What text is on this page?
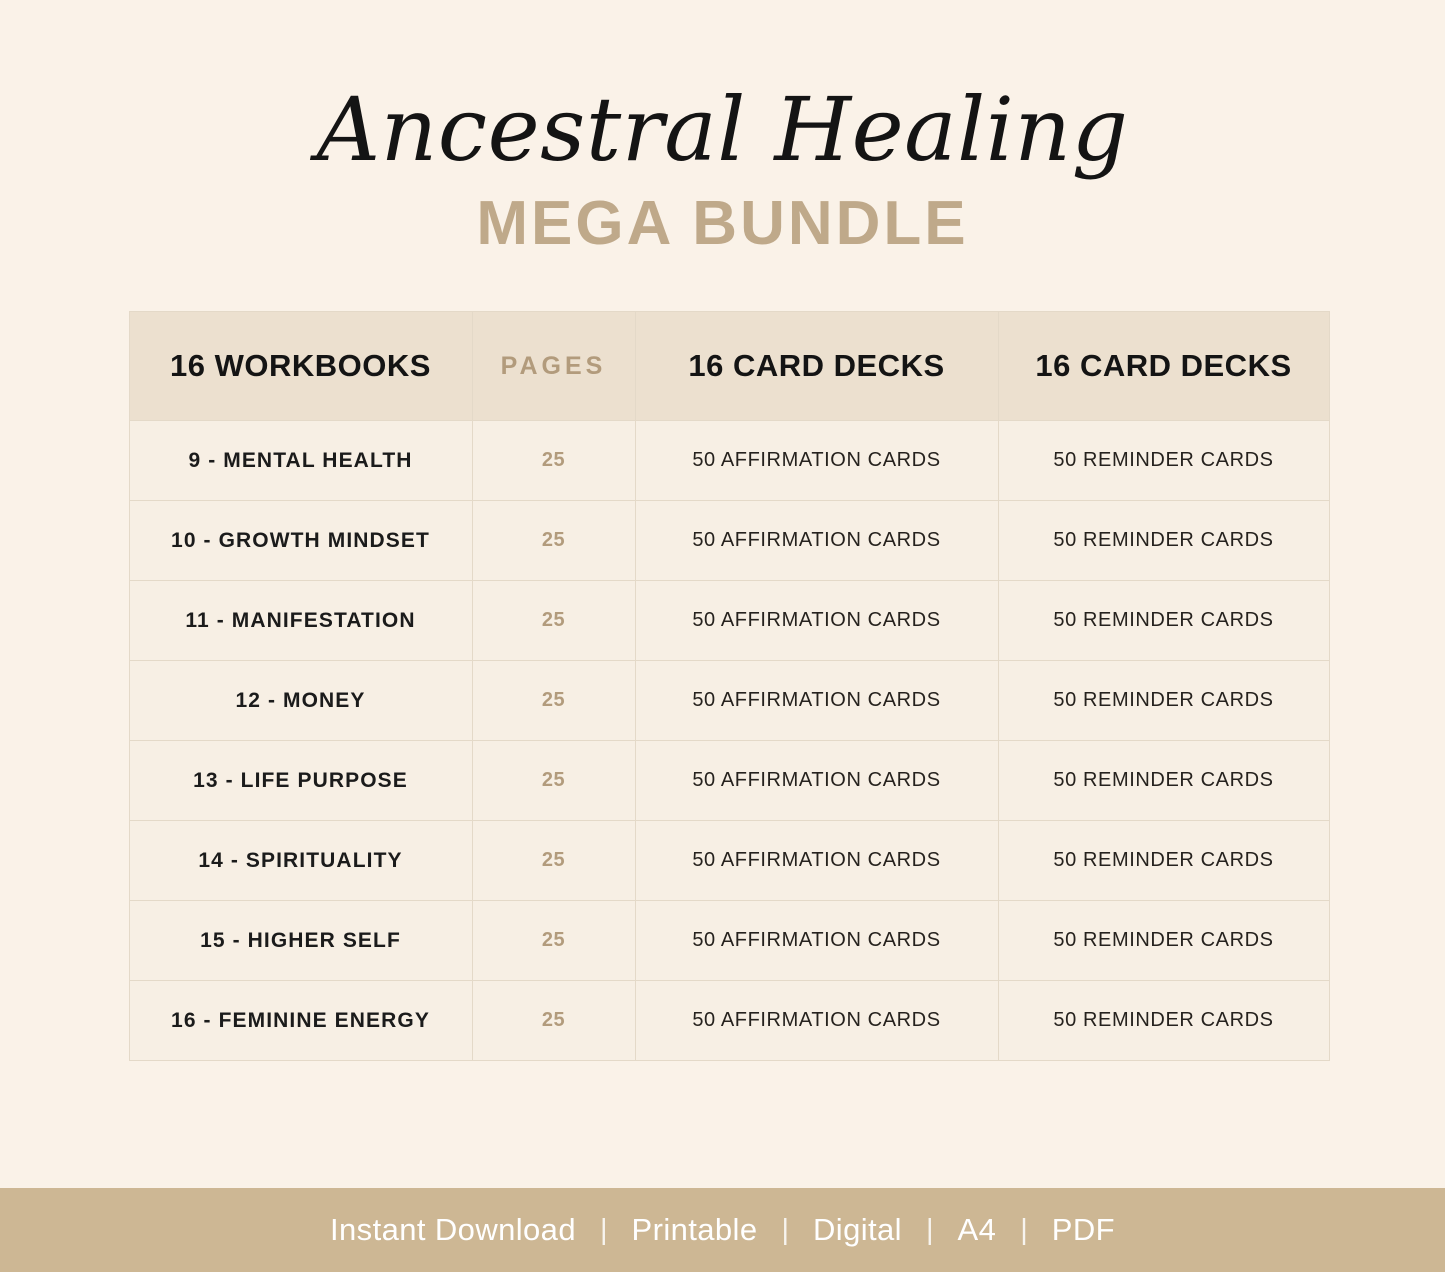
Ancestral Healing
MEGA BUNDLE
16 WORKBOOKS	PAGES	16 CARD DECKS	16 CARD DECKS
9 - MENTAL HEALTH	25	50 AFFIRMATION CARDS	50 REMINDER CARDS
10 - GROWTH MINDSET	25	50 AFFIRMATION CARDS	50 REMINDER CARDS
11 - MANIFESTATION	25	50 AFFIRMATION CARDS	50 REMINDER CARDS
12 - MONEY	25	50 AFFIRMATION CARDS	50 REMINDER CARDS
13 - LIFE PURPOSE	25	50 AFFIRMATION CARDS	50 REMINDER CARDS
14 - SPIRITUALITY	25	50 AFFIRMATION CARDS	50 REMINDER CARDS
15 - HIGHER SELF	25	50 AFFIRMATION CARDS	50 REMINDER CARDS
16 - FEMININE ENERGY	25	50 AFFIRMATION CARDS	50 REMINDER CARDS
Instant Download | Printable | Digital | A4 | PDF
